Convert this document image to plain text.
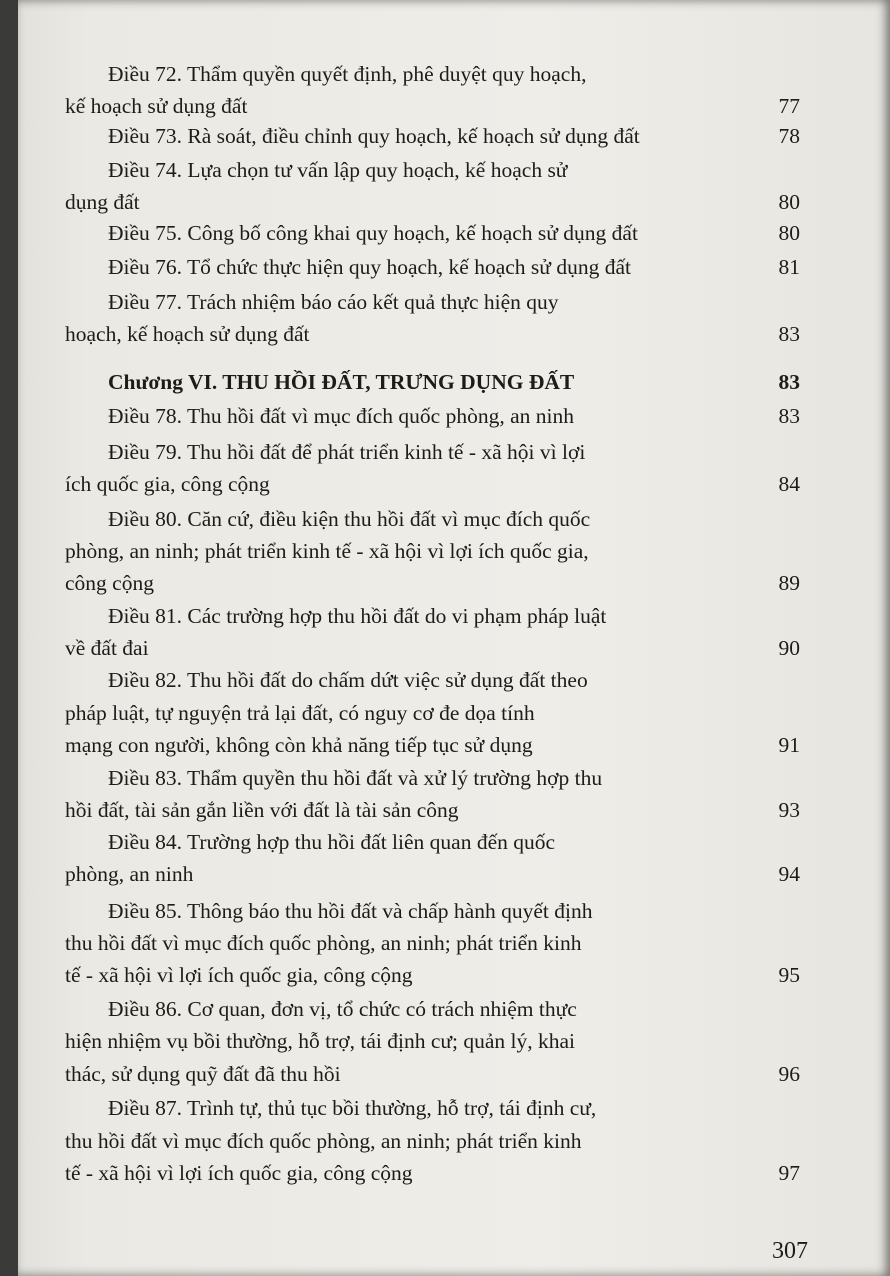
Điều 72. Thẩm quyền quyết định, phê duyệt quy hoạch,
kế hoạch sử dụng đất	77
Điều 73. Rà soát, điều chỉnh quy hoạch, kế hoạch sử dụng đất	78
Điều 74. Lựa chọn tư vấn lập quy hoạch, kế hoạch sử
dụng đất	80
Điều 75. Công bố công khai quy hoạch, kế hoạch sử dụng đất	80
Điều 76. Tổ chức thực hiện quy hoạch, kế hoạch sử dụng đất	81
Điều 77. Trách nhiệm báo cáo kết quả thực hiện quy
hoạch, kế hoạch sử dụng đất	83
Chương VI. THU HỒI ĐẤT, TRƯNG DỤNG ĐẤT	83
Điều 78. Thu hồi đất vì mục đích quốc phòng, an ninh	83
Điều 79. Thu hồi đất để phát triển kinh tế - xã hội vì lợi
ích quốc gia, công cộng	84
Điều 80. Căn cứ, điều kiện thu hồi đất vì mục đích quốc
phòng, an ninh; phát triển kinh tế - xã hội vì lợi ích quốc gia,
công cộng	89
Điều 81. Các trường hợp thu hồi đất do vi phạm pháp luật
về đất đai	90
Điều 82. Thu hồi đất do chấm dứt việc sử dụng đất theo
pháp luật, tự nguyện trả lại đất, có nguy cơ đe dọa tính
mạng con người, không còn khả năng tiếp tục sử dụng	91
Điều 83. Thẩm quyền thu hồi đất và xử lý trường hợp thu
hồi đất, tài sản gắn liền với đất là tài sản công	93
Điều 84. Trường hợp thu hồi đất liên quan đến quốc
phòng, an ninh	94
Điều 85. Thông báo thu hồi đất và chấp hành quyết định
thu hồi đất vì mục đích quốc phòng, an ninh; phát triển kinh
tế - xã hội vì lợi ích quốc gia, công cộng	95
Điều 86. Cơ quan, đơn vị, tổ chức có trách nhiệm thực
hiện nhiệm vụ bồi thường, hỗ trợ, tái định cư; quản lý, khai
thác, sử dụng quỹ đất đã thu hồi	96
Điều 87. Trình tự, thủ tục bồi thường, hỗ trợ, tái định cư,
thu hồi đất vì mục đích quốc phòng, an ninh; phát triển kinh
tế - xã hội vì lợi ích quốc gia, công cộng	97
307
